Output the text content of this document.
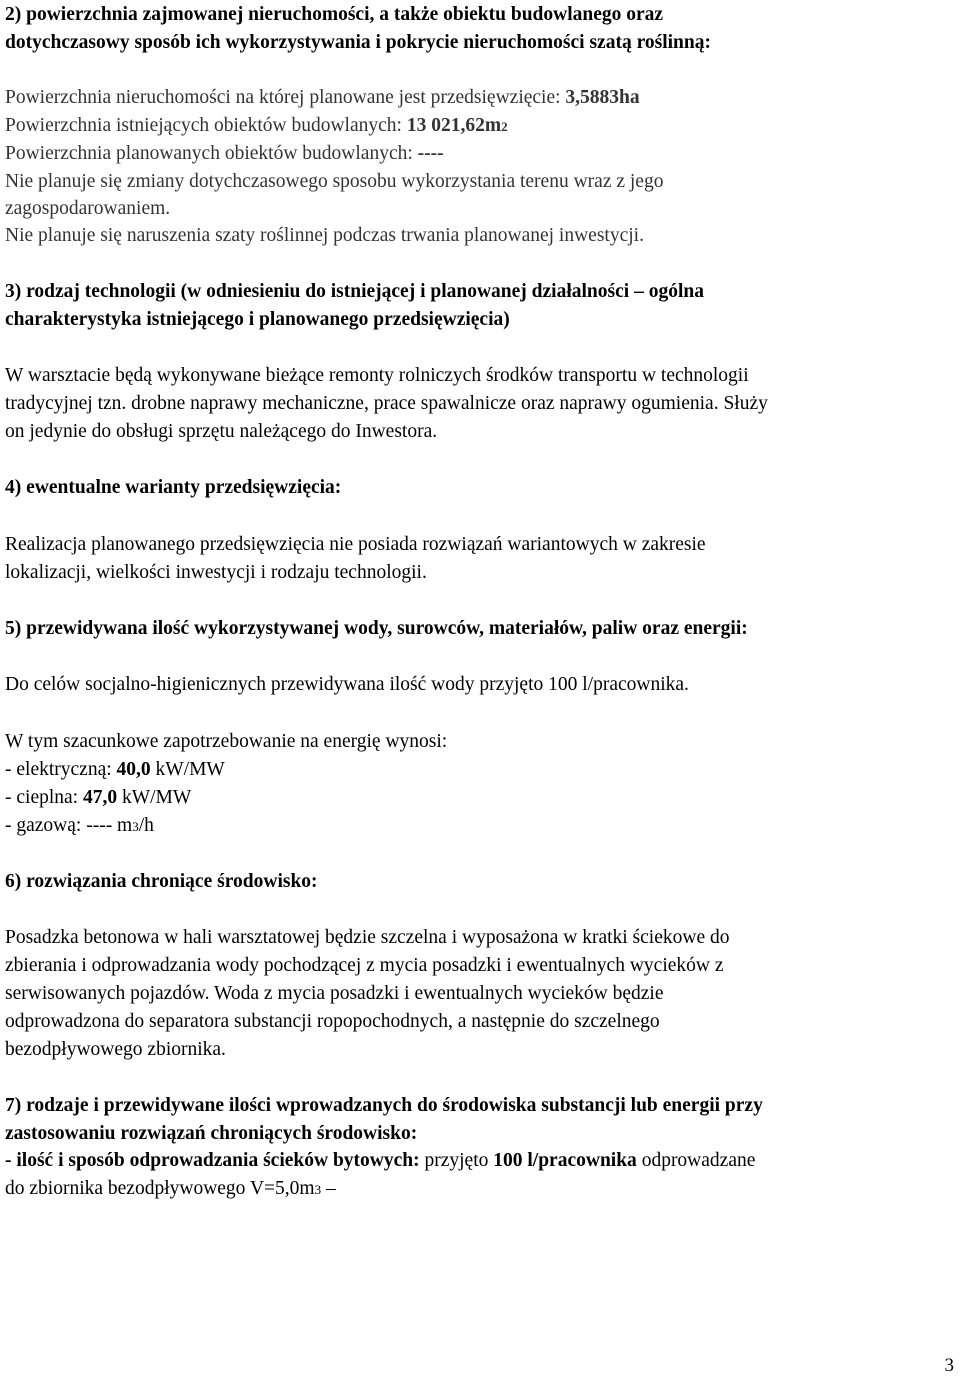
2) powierzchnia zajmowanej nieruchomości, a także obiektu budowlanego oraz
dotychczasowy sposób ich wykorzystywania i pokrycie nieruchomości szatą roślinną:
Powierzchnia nieruchomości na której planowane jest przedsięwzięcie: 3,5883ha
Powierzchnia istniejących obiektów budowlanych: 13 021,62m2
Powierzchnia planowanych obiektów budowlanych: ----
Nie planuje się zmiany dotychczasowego sposobu wykorzystania terenu wraz z jego
zagospodarowaniem.
Nie planuje się naruszenia szaty roślinnej podczas trwania planowanej inwestycji.
3) rodzaj technologii (w odniesieniu do istniejącej i planowanej działalności – ogólna
charakterystyka istniejącego i planowanego przedsięwzięcia)
W warsztacie będą wykonywane bieżące remonty rolniczych środków transportu w technologii
tradycyjnej tzn. drobne naprawy mechaniczne, prace spawalnicze oraz naprawy ogumienia. Służy
on jedynie do obsługi sprzętu należącego do Inwestora.
4) ewentualne warianty przedsięwzięcia:
Realizacja planowanego przedsięwzięcia nie posiada rozwiązań wariantowych w zakresie
lokalizacji, wielkości inwestycji i rodzaju technologii.
5) przewidywana ilość wykorzystywanej wody, surowców, materiałów, paliw oraz energii:
Do celów socjalno-higienicznych przewidywana ilość wody przyjęto 100 l/pracownika.
W tym szacunkowe zapotrzebowanie na energię wynosi:
- elektryczną: 40,0 kW/MW
- cieplna: 47,0 kW/MW
- gazową: ---- m3/h
6) rozwiązania chroniące środowisko:
Posadzka betonowa w hali warsztatowej będzie szczelna i wyposażona w kratki ściekowe do
zbierania i odprowadzania wody pochodzącej z mycia posadzki i ewentualnych wycieków z
serwisowanych pojazdów. Woda z mycia posadzki i ewentualnych wycieków będzie
odprowadzona do separatora substancji ropopochodnych, a następnie do szczelnego
bezodpływowego zbiornika.
7) rodzaje i przewidywane ilości wprowadzanych do środowiska substancji lub energii przy
zastosowaniu rozwiązań chroniących środowisko:
- ilość i sposób odprowadzania ścieków bytowych: przyjęto 100 l/pracownika odprowadzane
do zbiornika bezodpływowego V=5,0m3 –
3
